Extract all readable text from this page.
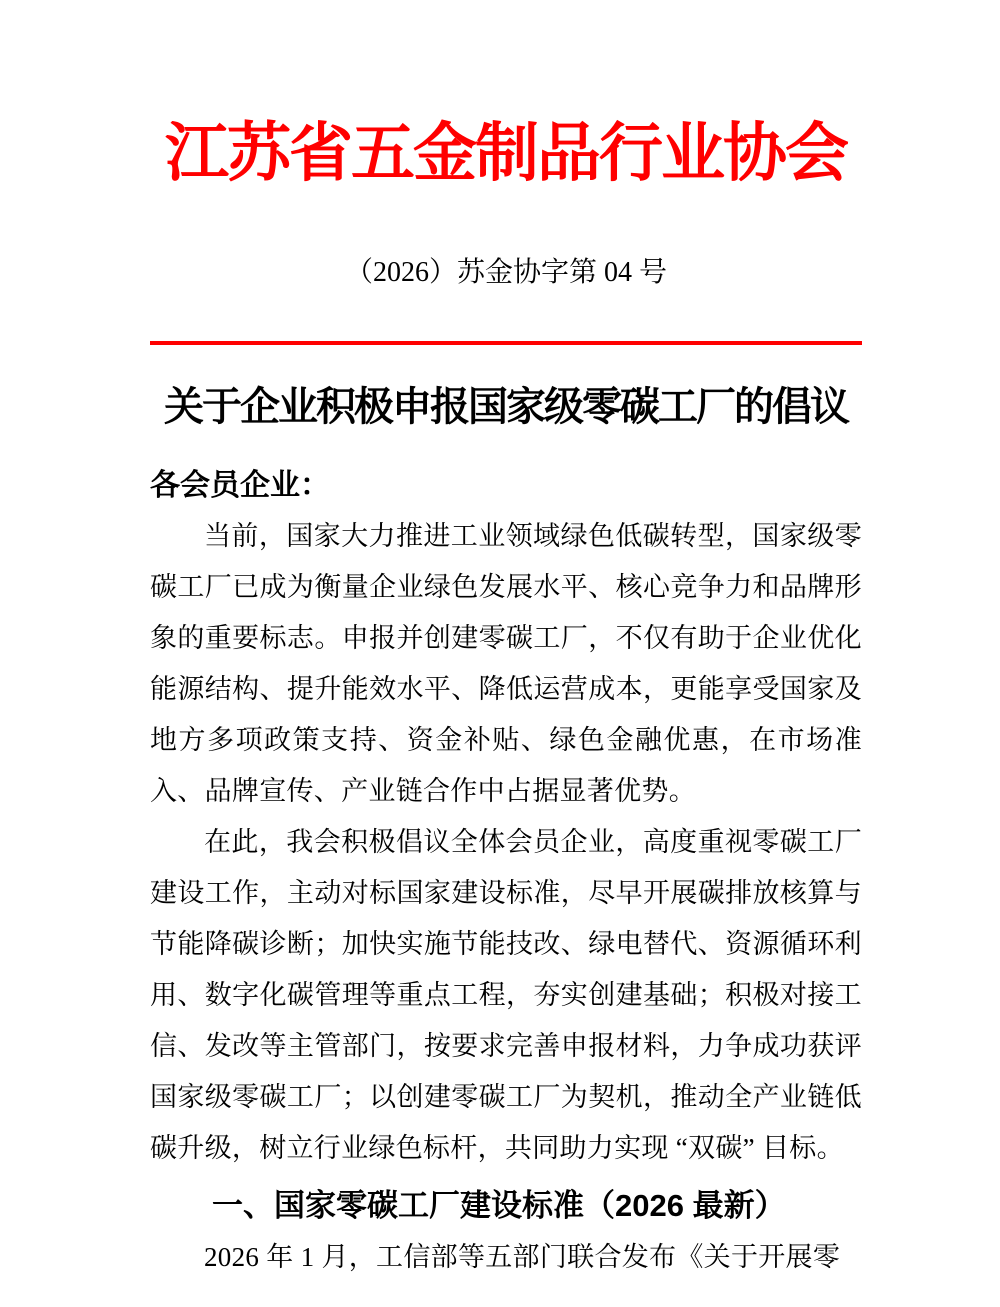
江苏省五金制品行业协会
（2026）苏金协字第 04 号
关于企业积极申报国家级零碳工厂的倡议

各会员企业：

当前，国家大力推进工业领域绿色低碳转型，国家级零碳工厂已成为衡量企业绿色发展水平、核心竞争力和品牌形象的重要标志。申报并创建零碳工厂，不仅有助于企业优化能源结构、提升能效水平、降低运营成本，更能享受国家及地方多项政策支持、资金补贴、绿色金融优惠，在市场准入、品牌宣传、产业链合作中占据显著优势。

在此，我会积极倡议全体会员企业，高度重视零碳工厂建设工作，主动对标国家建设标准，尽早开展碳排放核算与节能降碳诊断；加快实施节能技改、绿电替代、资源循环利用、数字化碳管理等重点工程，夯实创建基础；积极对接工信、发改等主管部门，按要求完善申报材料，力争成功获评国家级零碳工厂；以创建零碳工厂为契机，推动全产业链低碳升级，树立行业绿色标杆，共同助力实现 “双碳” 目标。

一、国家零碳工厂建设标准（2026 最新）

2026 年 1 月，工信部等五部门联合发布《关于开展零
